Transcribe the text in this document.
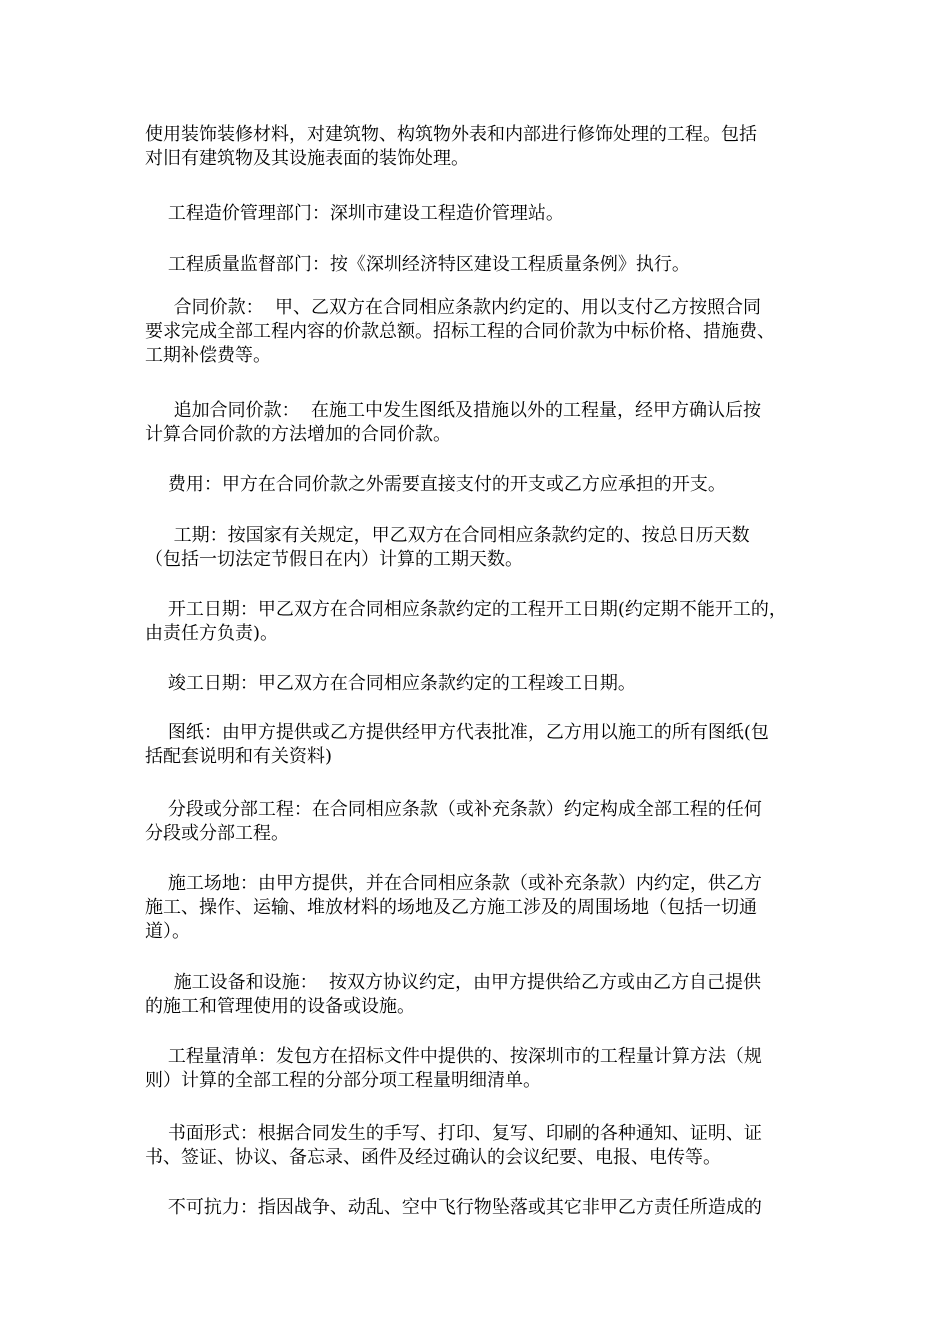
使用装饰装修材料，对建筑物、构筑物外表和内部进行修饰处理的工程。包括
对旧有建筑物及其设施表面的装饰处理。
工程造价管理部门：深圳市建设工程造价管理站。
工程质量监督部门：按《深圳经济特区建设工程质量条例》执行。
合同价款：  甲、乙双方在合同相应条款内约定的、用以支付乙方按照合同
要求完成全部工程内容的价款总额。招标工程的合同价款为中标价格、措施费、
工期补偿费等。
追加合同价款：  在施工中发生图纸及措施以外的工程量，经甲方确认后按
计算合同价款的方法增加的合同价款。
费用：甲方在合同价款之外需要直接支付的开支或乙方应承担的开支。
工期：按国家有关规定，甲乙双方在合同相应条款约定的、按总日历天数
（包括一切法定节假日在内）计算的工期天数。
开工日期：甲乙双方在合同相应条款约定的工程开工日期(约定期不能开工的，
由责任方负责)。
竣工日期：甲乙双方在合同相应条款约定的工程竣工日期。
图纸：由甲方提供或乙方提供经甲方代表批准，乙方用以施工的所有图纸(包
括配套说明和有关资料)
分段或分部工程：在合同相应条款（或补充条款）约定构成全部工程的任何
分段或分部工程。
施工场地：由甲方提供，并在合同相应条款（或补充条款）内约定，供乙方
施工、操作、运输、堆放材料的场地及乙方施工涉及的周围场地（包括一切通
道）。
施工设备和设施：  按双方协议约定，由甲方提供给乙方或由乙方自己提供
的施工和管理使用的设备或设施。
工程量清单：发包方在招标文件中提供的、按深圳市的工程量计算方法（规
则）计算的全部工程的分部分项工程量明细清单。
书面形式：根据合同发生的手写、打印、复写、印刷的各种通知、证明、证
书、签证、协议、备忘录、函件及经过确认的会议纪要、电报、电传等。
不可抗力：指因战争、动乱、空中飞行物坠落或其它非甲乙方责任所造成的
